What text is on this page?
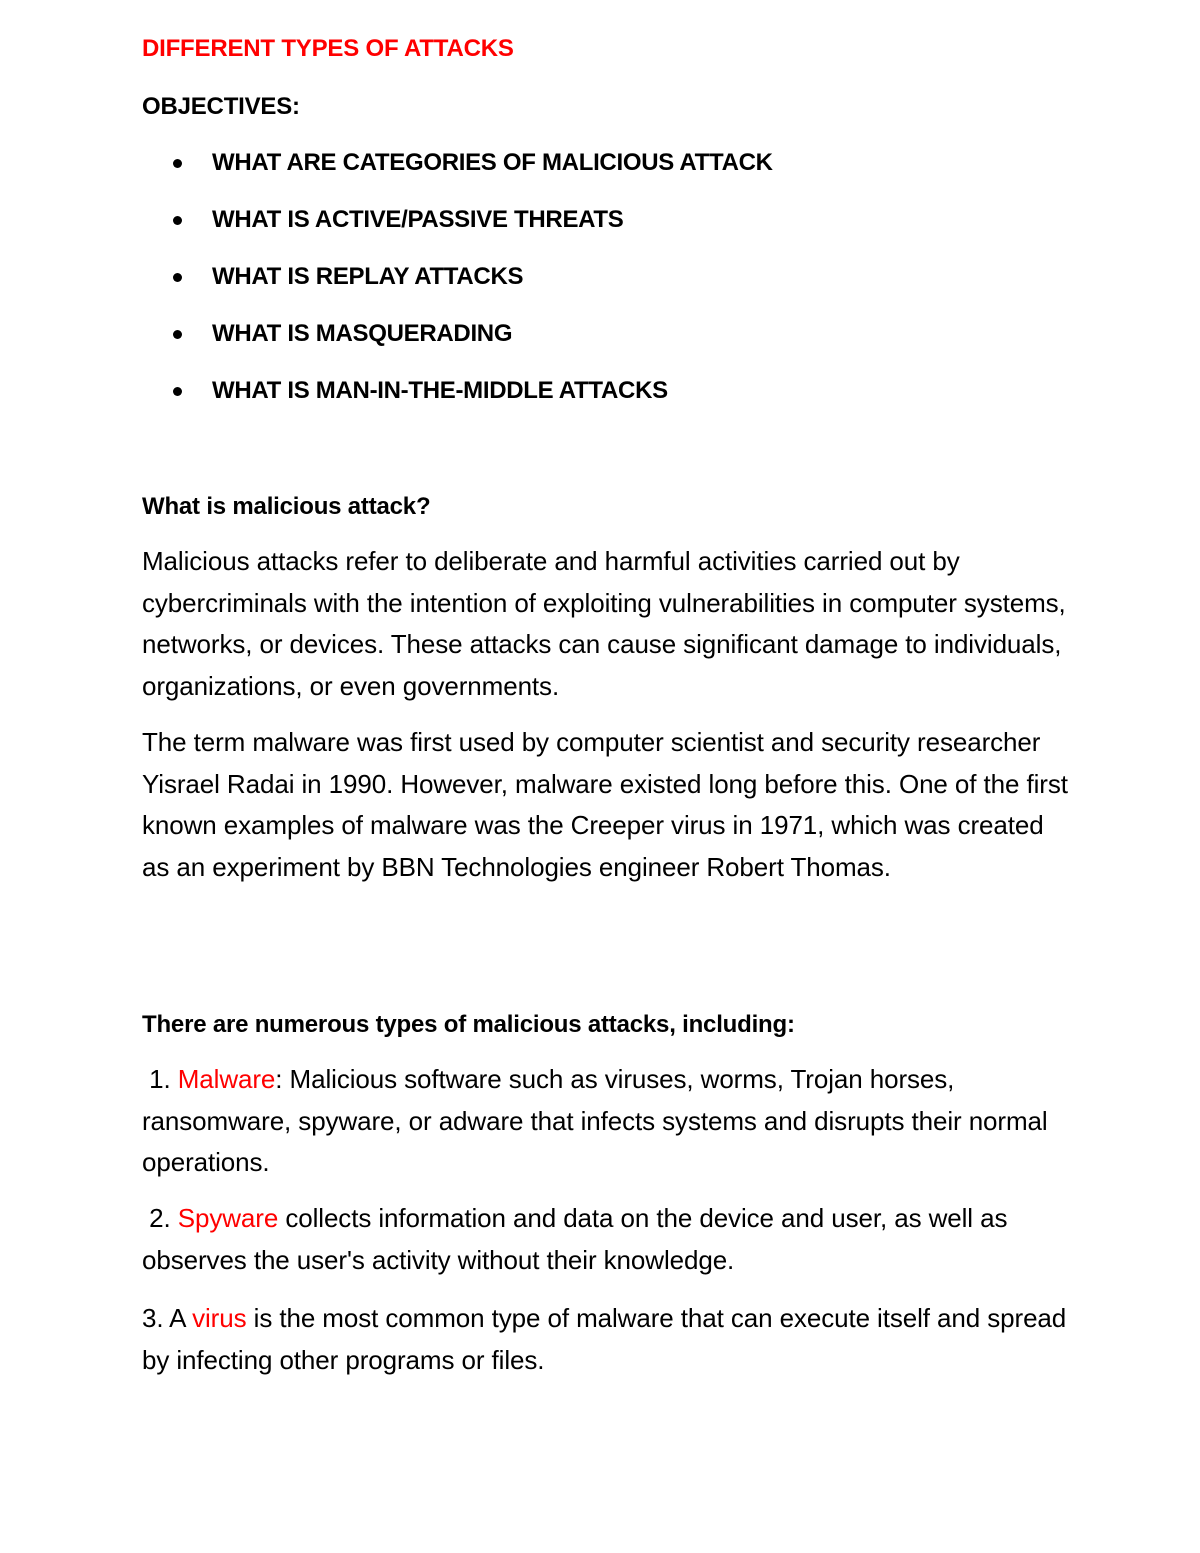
DIFFERENT TYPES OF ATTACKS
OBJECTIVES:
WHAT ARE CATEGORIES OF MALICIOUS ATTACK
WHAT IS ACTIVE/PASSIVE THREATS
WHAT IS REPLAY ATTACKS
WHAT IS MASQUERADING
WHAT IS MAN-IN-THE-MIDDLE ATTACKS
What is malicious attack?

Malicious attacks refer to deliberate and harmful activities carried out by cybercriminals with the intention of exploiting vulnerabilities in computer systems, networks, or devices. These attacks can cause significant damage to individuals, organizations, or even governments.

The term malware was first used by computer scientist and security researcher Yisrael Radai in 1990. However, malware existed long before this. One of the first known examples of malware was the Creeper virus in 1971, which was created as an experiment by BBN Technologies engineer Robert Thomas.

There are numerous types of malicious attacks, including:

1. Malware: Malicious software such as viruses, worms, Trojan horses, ransomware, spyware, or adware that infects systems and disrupts their normal operations.

2. Spyware collects information and data on the device and user, as well as observes the user's activity without their knowledge.

3. A virus is the most common type of malware that can execute itself and spread by infecting other programs or files.
